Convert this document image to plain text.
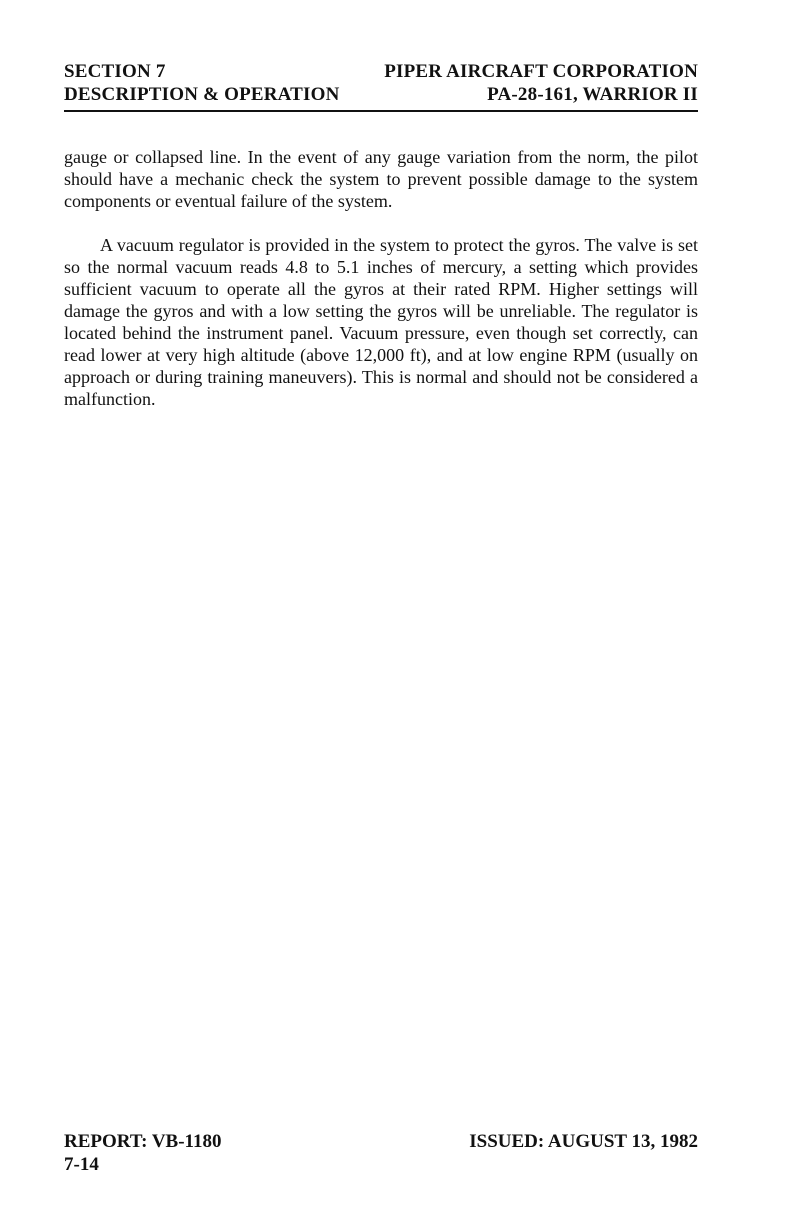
SECTION 7	PIPER AIRCRAFT CORPORATION
DESCRIPTION & OPERATION	PA-28-161, WARRIOR II

gauge or collapsed line. In the event of any gauge variation from the norm, the pilot should have a mechanic check the system to prevent possible damage to the system components or eventual failure of the system.

A vacuum regulator is provided in the system to protect the gyros. The valve is set so the normal vacuum reads 4.8 to 5.1 inches of mercury, a setting which provides sufficient vacuum to operate all the gyros at their rated RPM. Higher settings will damage the gyros and with a low setting the gyros will be unreliable. The regulator is located behind the instrument panel. Vacuum pressure, even though set correctly, can read lower at very high altitude (above 12,000 ft), and at low engine RPM (usually on approach or during training maneuvers). This is normal and should not be considered a malfunction.

REPORT: VB-1180	ISSUED: AUGUST 13, 1982
7-14
